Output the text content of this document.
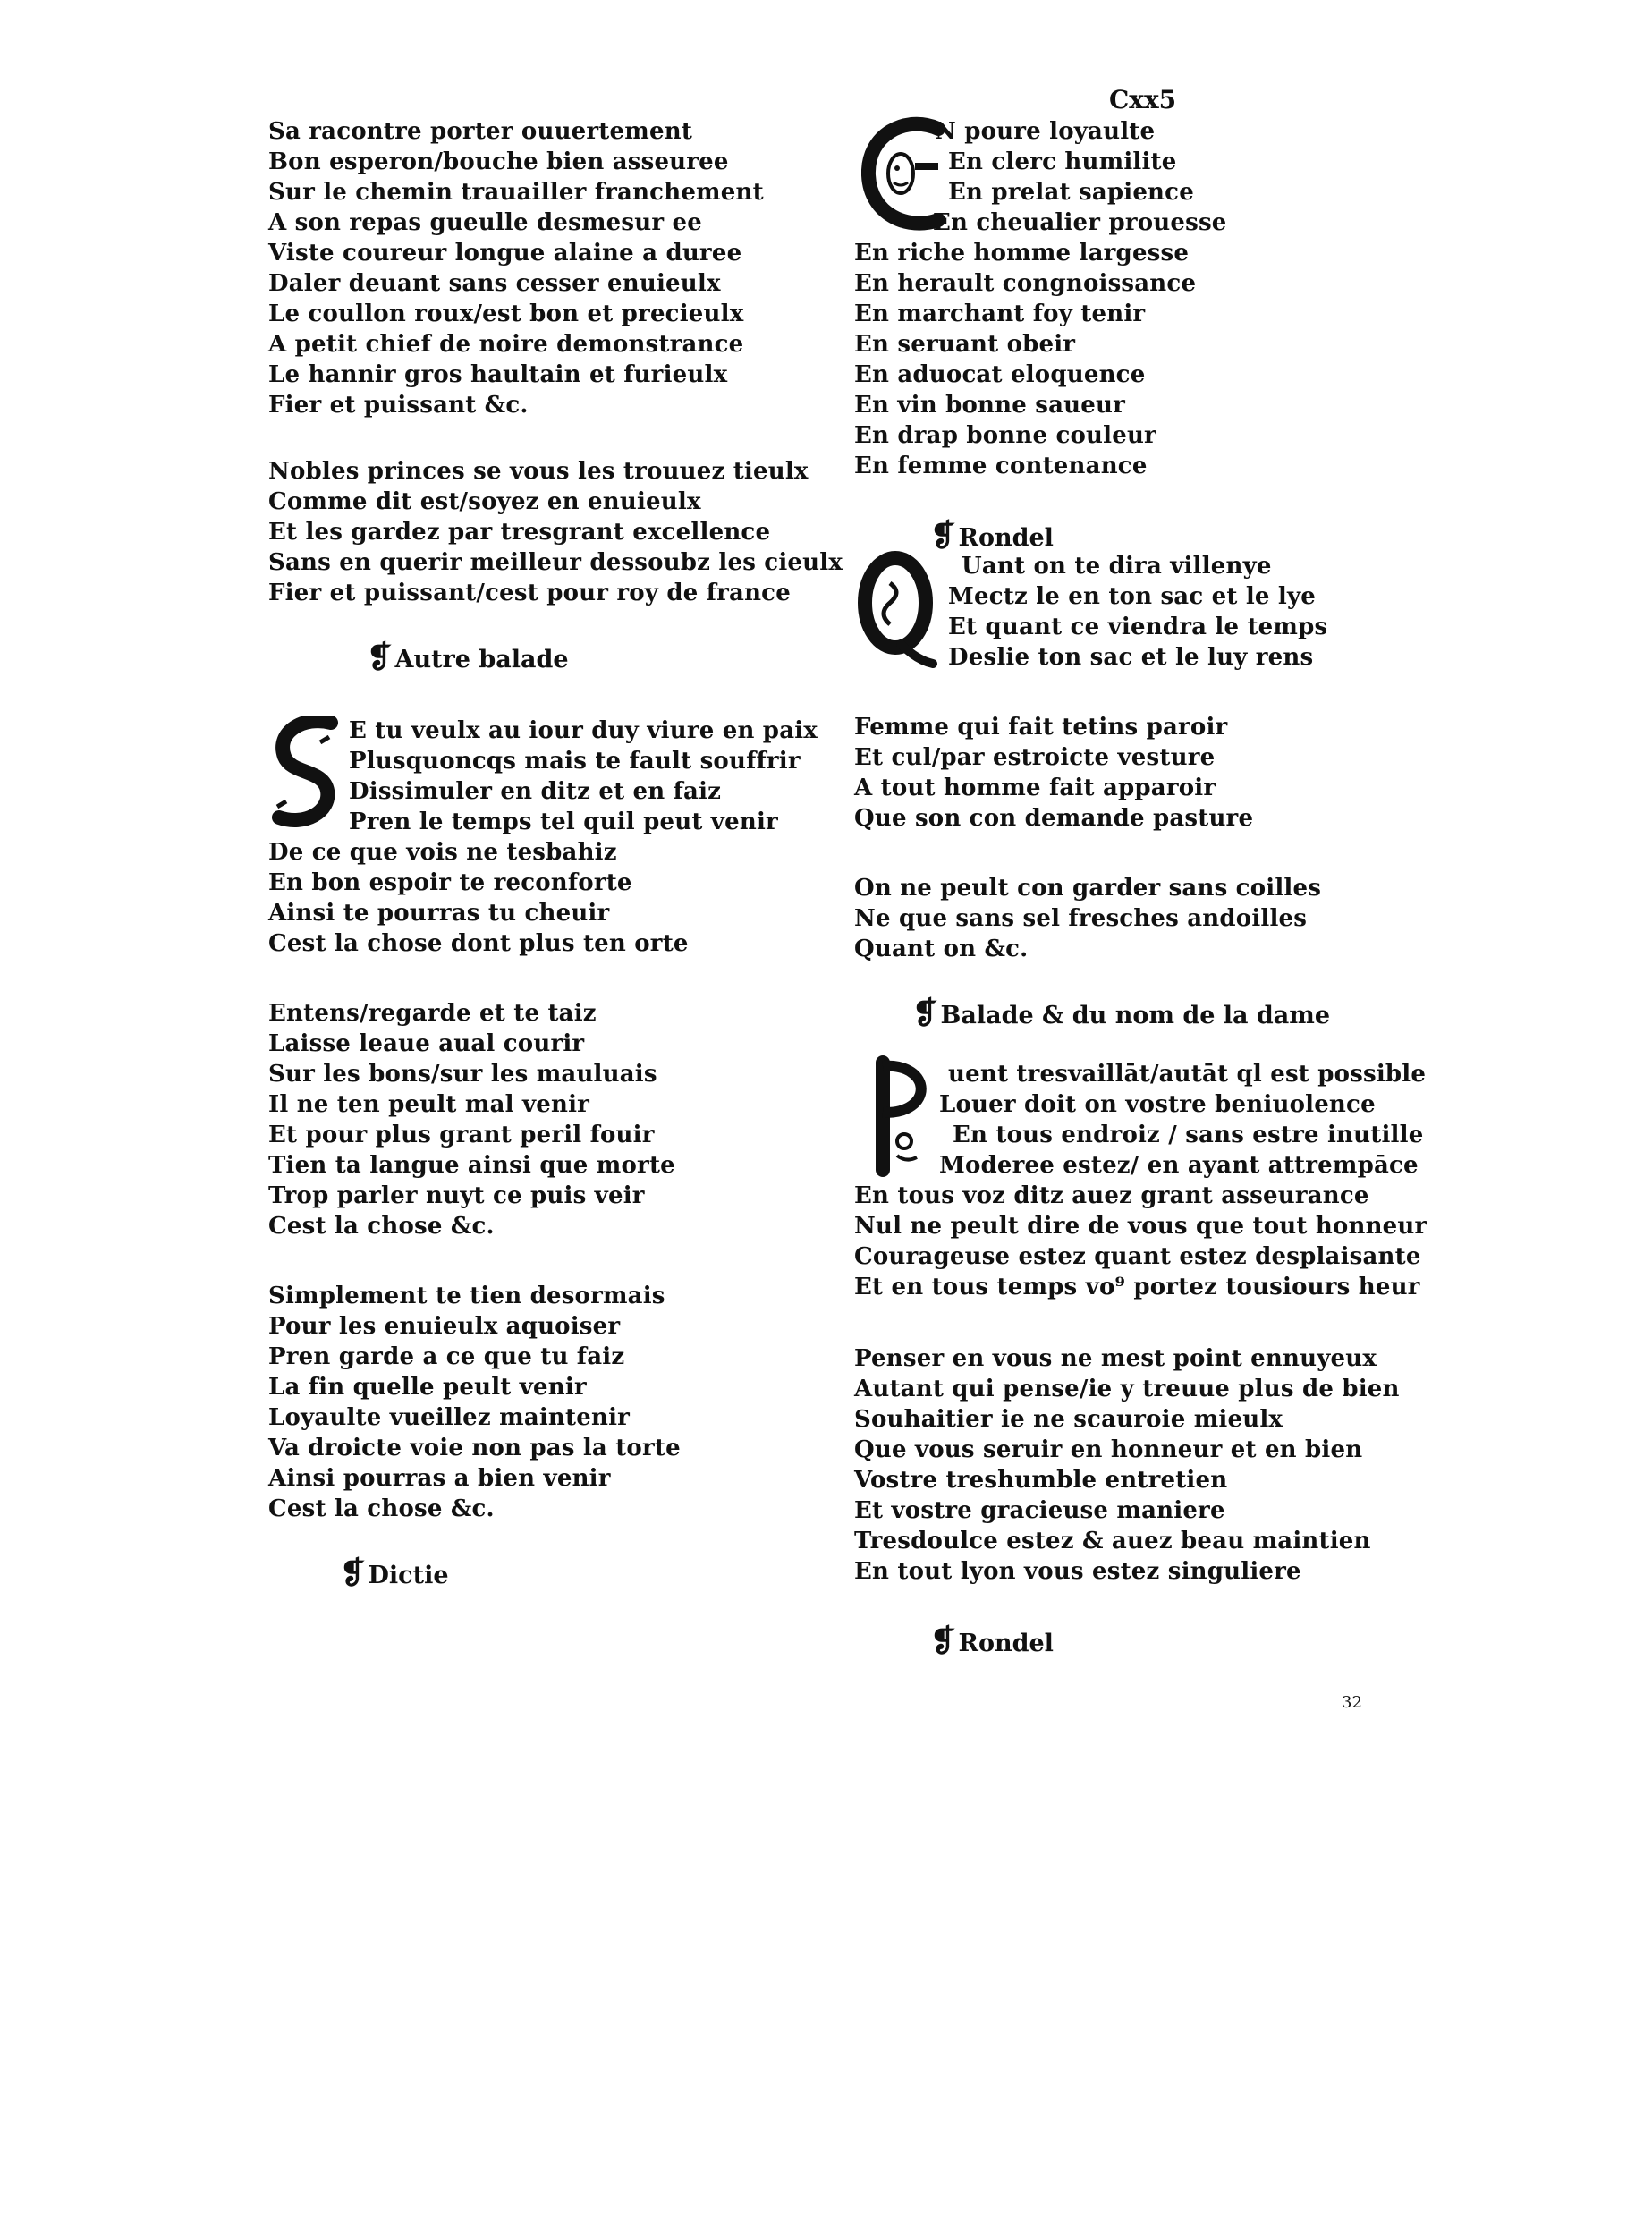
Cxx5
Sa racontre porter ouuertement
Bon esperon/bouche bien asseuree
Sur le chemin trauailler franchement
A son repas gueulle desmesur ee
Viste coureur longue alaine a duree
Daler deuant sans cesser enuieulx
Le coullon roux/est bon et precieulx
A petit chief de noire demonstrance
Le hannir gros haultain et furieulx
Fier et puissant &c.
Nobles princes se vous les trouuez tieulx
Comme dit est/soyez en enuieulx
Et les gardez par tresgrant excellence
Sans en querir meilleur dessoubz les cieulx
Fier et puissant/cest pour roy de france
❡ Autre balade
E tu veulx au iour duy viure en paix
Plusquoncqs mais te fault souffrir
Dissimuler en ditz et en faiz
Pren le temps tel quil peut venir
De ce que vois ne tesbahiz
En bon espoir te reconforte
Ainsi te pourras tu cheuir
Cest la chose dont plus ten orte
Entens/regarde et te taiz
Laisse leaue aual courir
Sur les bons/sur les mauluais
Il ne ten peult mal venir
Et pour plus grant peril fouir
Tien ta langue ainsi que morte
Trop parler nuyt ce puis veir
Cest la chose &c.
Simplement te tien desormais
Pour les enuieulx aquoiser
Pren garde a ce que tu faiz
La fin quelle peult venir
Loyaulte vueillez maintenir
Va droicte voie non pas la torte
Ainsi pourras a bien venir
Cest la chose &c.
❡ Dictie
N poure loyaulte
En clerc humilite
En prelat sapience
En cheualier prouesse
En riche homme largesse
En herault congnoissance
En marchant foy tenir
En seruant obeir
En aduocat eloquence
En vin bonne saueur
En drap bonne couleur
En femme contenance
❡ Rondel
Uant on te dira villenye
Mectz le en ton sac et le lye
Et quant ce viendra le temps
Deslie ton sac et le luy rens
Femme qui fait tetins paroir
Et cul/par estroicte vesture
A tout homme fait apparoir
Que son con demande pasture
On ne peult con garder sans coilles
Ne que sans sel fresches andoilles
Quant on &c.
❡ Balade & du nom de la dame
uent tresvaillāt/autāt ql est possible
Louer doit on vostre beniuolence
En tous endroiz / sans estre inutille
Moderee estez/ en ayant attrempāce
En tous voz ditz auez grant asseurance
Nul ne peult dire de vous que tout honneur
Courageuse estez quant estez desplaisante
Et en tous temps vo⁹ portez tousiours heur
Penser en vous ne mest point ennuyeux
Autant qui pense/ie y treuue plus de bien
Souhaitier ie ne scauroie mieulx
Que vous seruir en honneur et en bien
Vostre treshumble entretien
Et vostre gracieuse maniere
Tresdoulce estez & auez beau maintien
En tout lyon vous estez singuliere
❡ Rondel
32
